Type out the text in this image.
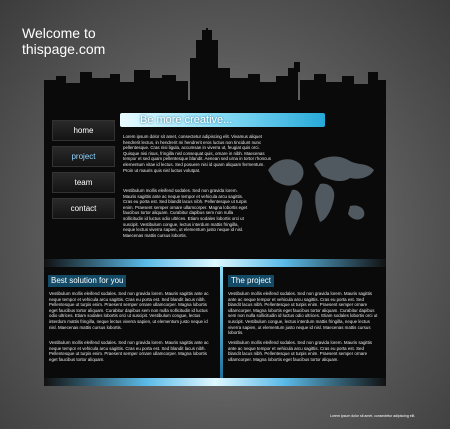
Welcome to
thispage.com
home
project
team
contact
Be more creative...

Lorem ipsum dolor sit amet, consectetur adipiscing elit. Vivamus aliquet hendrerit lectus, in hendrerit mi hendrerit eros luctus non tincidunt nunc pellentesque. Cras nisi ligula, accumsan in viverra ut, feugiat quis orci. Quisque nisi risus, fringilla nisl consequat quis, ornare in nibh. Maecenas tempor et sed quam pellentesque blandit. Aenean sed urna in tortor rhoncus elementum vitae id lectus. Sed posuere nisi id quam aliquam fermentum. Proin ut mauris quis nisl luctus volutpat.

Vestibulum mollis eleifend sodales. Sed non gravida lorem. Mauris sagittis ante ac neque tempor et vehicula arcu sagittis. Cras eu porta est. Sed blandit lacus nibh. Pellentesque ut turpis enim. Praesent semper ornare ullamcorper. Magna lobortis eget faucibus tortor aliquam. Curabitur dapibus sem non nulla sollicitudin id luctus odio ultrices. Etiam sodales lobortis orci ut suscipit. Vestibulum congue, lectus interdum mattis fringilla, neque lectus viverra sapien, ut elementum justo neque id nisl. Maecenas mattis cursus lobortis.

Best solution for you

Vestibulum mollis eleifend sodales. Sed non gravida lorem. Mauris sagittis ante ac neque tempor et vehicula arcu sagittis. Cras eu porta est. Sed blandit lacus nibh. Pellentesque ut turpis enim. Praesent semper ornare ullamcorper. Magna lobortis eget faucibus tortor aliquam. Curabitur dapibus sem non nulla sollicitudin id luctus odio ultrices. Etiam sodales lobortis orci ut suscipit. Vestibulum congue, lectus interdum mattis fringilla, neque lectus viverra sapien, ut elementum justo neque id nisl. Maecenas mattis cursus lobortis.

Vestibulum mollis eleifend sodales. Sed non gravida lorem. Mauris sagittis ante ac neque tempor et vehicula arcu sagittis. Cras eu porta est. Sed blandit lacus nibh. Pellentesque ut turpis enim. Praesent semper ornare ullamcorper. Magna lobortis eget faucibus tortor aliquam.

The project

Vestibulum mollis eleifend sodales. Sed non gravida lorem. Mauris sagittis ante ac neque tempor et vehicula arcu sagittis. Cras eu porta est. Sed blandit lacus nibh. Pellentesque ut turpis enim. Praesent semper ornare ullamcorper. Magna lobortis eget faucibus tortor aliquam. Curabitur dapibus sem non nulla sollicitudin id luctus odio ultrices. Etiam sodales lobortis orci ut suscipit. Vestibulum congue, lectus interdum mattis fringilla, neque lectus viverra sapien, ut elementum justo neque id nisl. Maecenas mattis cursus lobortis.

Vestibulum mollis eleifend sodales. Sed non gravida lorem. Mauris sagittis ante ac neque tempor et vehicula arcu sagittis. Cras eu porta est. Sed blandit lacus nibh. Pellentesque ut turpis enim. Praesent semper ornare ullamcorper. Magna lobortis eget faucibus tortor aliquam.

Lorem ipsum dolor sit amet, consectetur adipiscing elit.
